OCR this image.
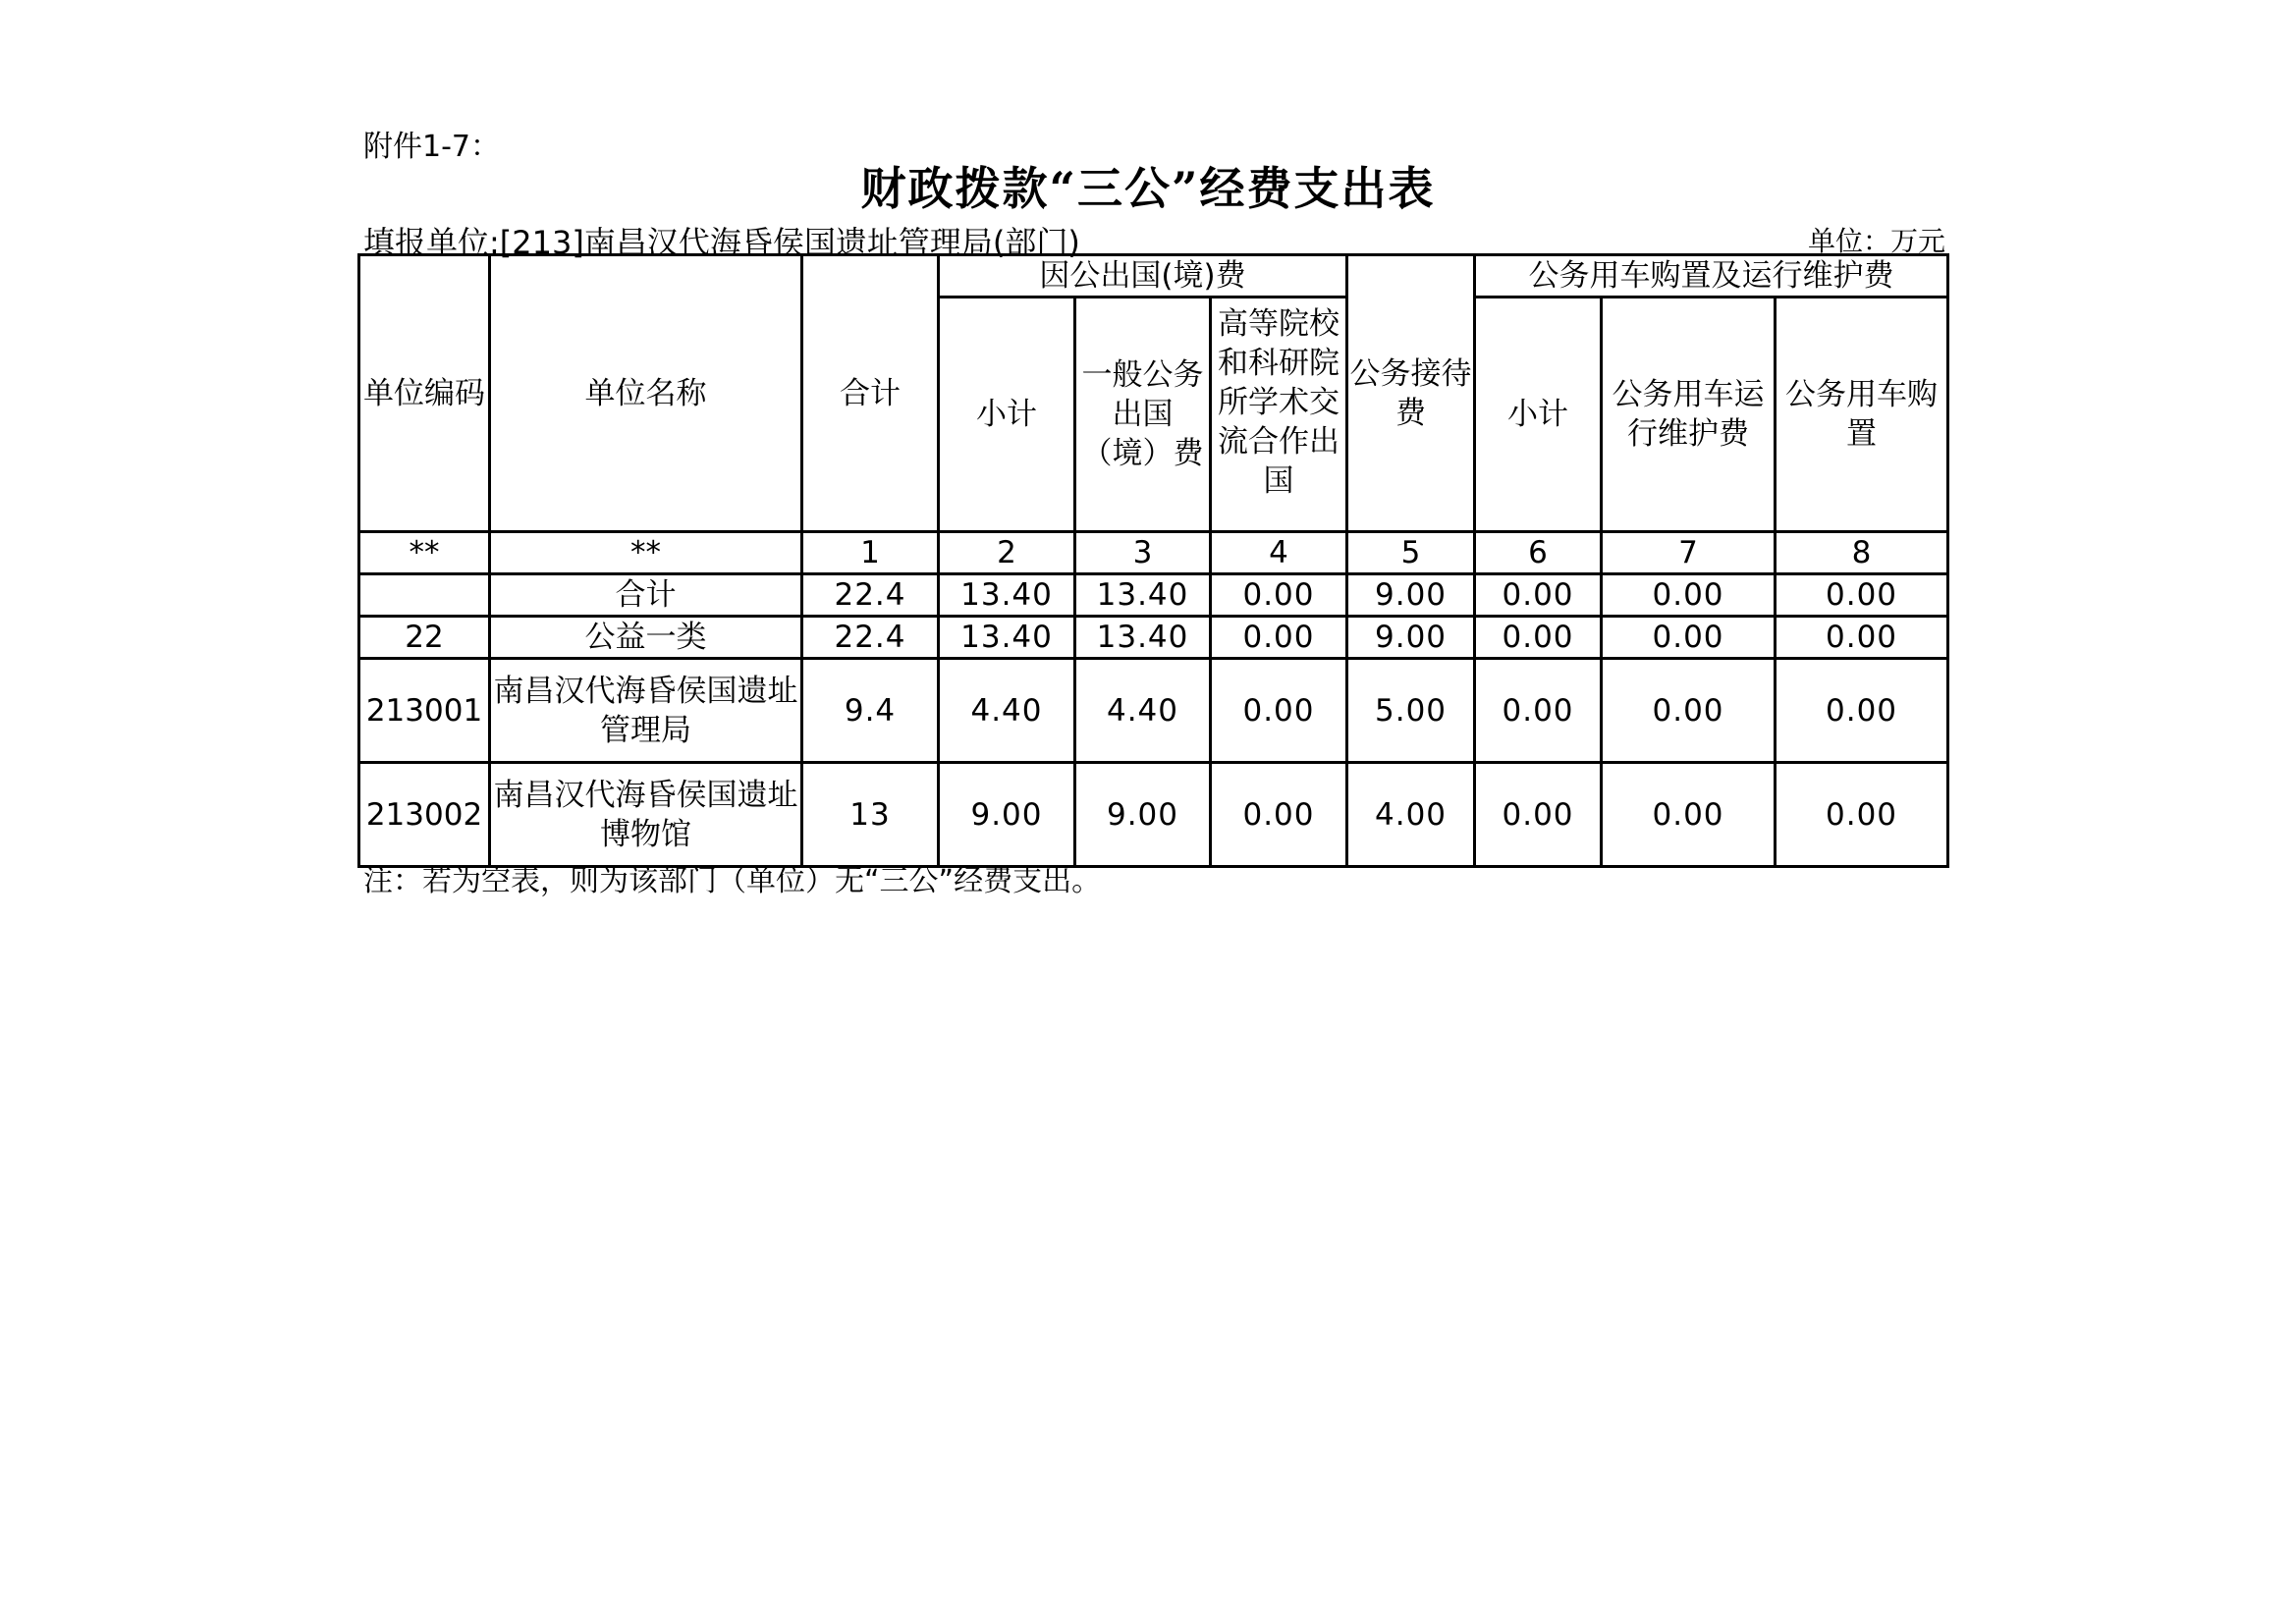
附件1-7：
财政拨款“三公”经费支出表
填报单位:[213]南昌汉代海昏侯国遗址管理局(部门)	单位：万元
单位编码	单位名称	合计	因公出国(境)费			公务接待费	公务用车购置及运行维护费		
			小计	一般公务出国（境）费	高等院校和科研院所学术交流合作出国		小计	公务用车运行维护费	公务用车购置
**	**	1	2	3	4	5	6	7	8
	合计	22.4	13.40	13.40	0.00	9.00	0.00	0.00	0.00
22	公益一类	22.4	13.40	13.40	0.00	9.00	0.00	0.00	0.00
213001	南昌汉代海昏侯国遗址管理局	9.4	4.40	4.40	0.00	5.00	0.00	0.00	0.00
213002	南昌汉代海昏侯国遗址博物馆	13	9.00	9.00	0.00	4.00	0.00	0.00	0.00
注：若为空表，则为该部门（单位）无“三公”经费支出。
